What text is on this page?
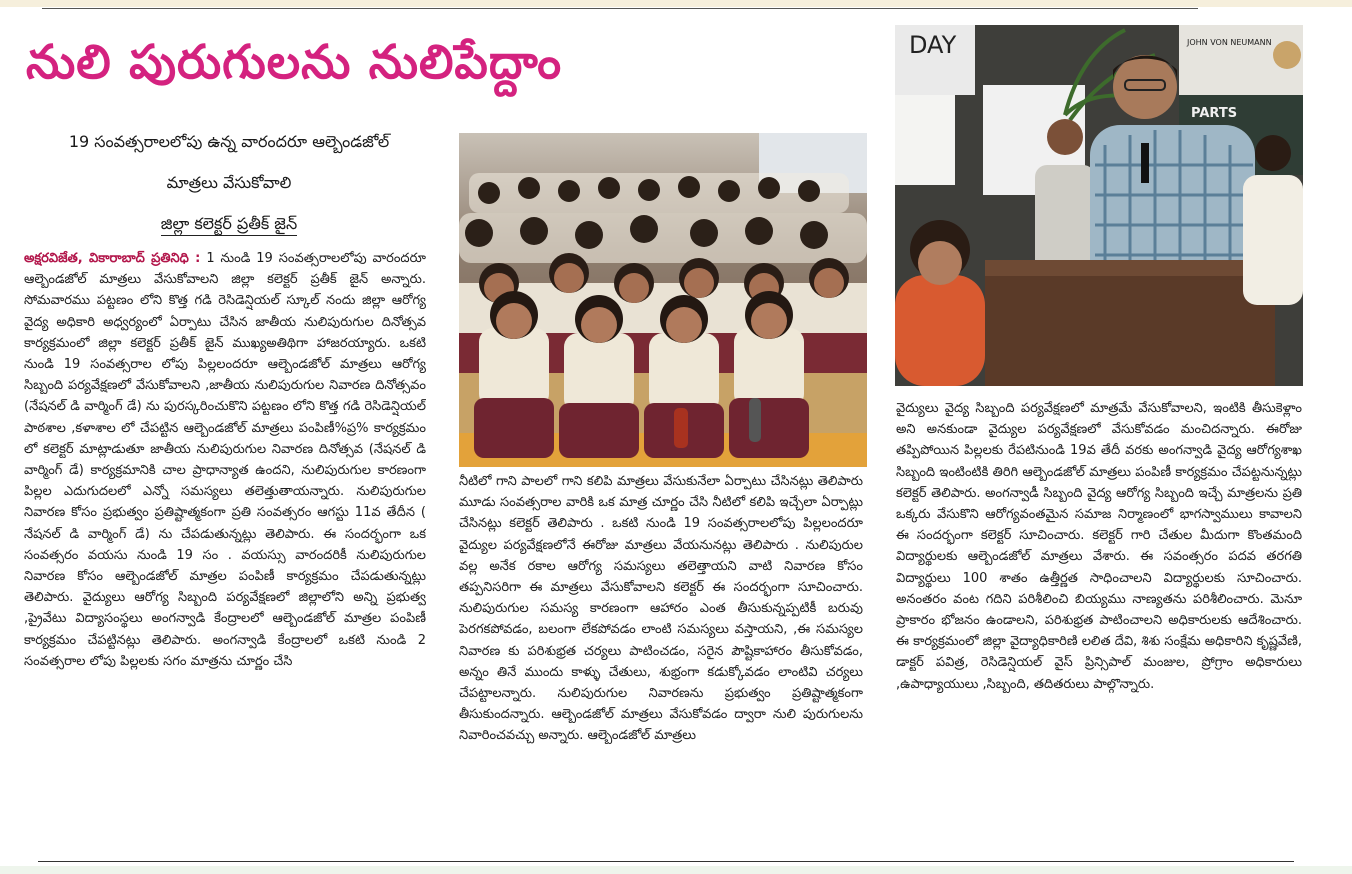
నులి పురుగులను నులిపేద్దాం
19 సంవత్సరాలలోపు ఉన్న వారందరూ ఆల్బెండజోల్
మాత్రలు వేసుకోవాలి
జిల్లా కలెక్టర్ ప్రతీక్ జైన్
అక్షరవిజేత, వికారాబాద్ ప్రతినిధి : 1 నుండి 19 సంవత్సరాలలోపు వారందరూ ఆల్బెండజోల్ మాత్రలు వేసుకోవాలని జిల్లా కలెక్టర్ ప్రతీక్ జైన్ అన్నారు. సోమవారము పట్టణం లోని కొత్త గడి రెసిడెన్షియల్ స్కూల్ నందు జిల్లా ఆరోగ్య వైద్య అధికారి అధ్వర్యంలో ఏర్పాటు చేసిన జాతీయ నులిపురుగుల దినోత్సవ కార్యక్రమంలో జిల్లా కలెక్టర్ ప్రతీక్ జైన్ ముఖ్యఅతిథిగా హాజరయ్యారు. ఒకటి నుండి 19 సంవత్సరాల లోపు పిల్లలందరూ ఆల్బెండజోల్ మాత్రలు ఆరోగ్య సిబ్బంది పర్యవేక్షణలో వేసుకోవాలని ,జాతీయ నులిపురుగుల నివారణ దినోత్సవం (నేషనల్ డి వార్మింగ్ డే) ను పురస్కరించుకొని పట్టణం లోని కొత్త గడి రెసిడెన్షియల్ పాఠశాల ,కళాశాల లో చేపట్టిన ఆల్బెండజోల్ మాత్రలు పంపిణీ%ప్ర% కార్యక్రమం లో కలెక్టర్ మాట్లాడుతూ జాతీయ నులిపురుగుల నివారణ దినోత్సవ (నేషనల్ డి వార్మింగ్ డే) కార్యక్రమానికి చాల ప్రాధాన్యాత ఉందని, నులిపురుగుల కారణంగా పిల్లల ఎదుగుదలలో ఎన్నో సమస్యలు తలెత్తుతాయన్నారు. నులిపురుగుల నివారణ కోసం ప్రభుత్వం ప్రతిష్టాత్మకంగా ప్రతి సంవత్సరం ఆగస్టు 11వ తేదీన ( నేషనల్ డి వార్మింగ్ డే) ను చేపడుతున్నట్లు తెలిపారు. ఈ సందర్భంగా ఒక సంవత్సరం వయసు నుండి 19 సం . వయస్సు వారందరికీ నులిపురుగుల నివారణ కోసం ఆల్బెండజోల్ మాత్రల పంపిణీ కార్యక్రమం చేపడుతున్నట్లు తెలిపారు. వైద్యులు ఆరోగ్య సిబ్బంది పర్యవేక్షణలో జిల్లాలోని అన్ని ప్రభుత్వ ,ప్రైవేటు విద్యాసంస్థలు అంగన్వాడి కేంద్రాలలో ఆల్బెండజోల్ మాత్రల పంపిణీ కార్యక్రమం చేపట్టినట్లు తెలిపారు. అంగన్వాడి కేంద్రాలలో ఒకటి నుండి 2 సంవత్సరాల లోపు పిల్లలకు సగం మాత్రను చూర్ణం చేసి
నీటిలో గాని పాలలో గాని కలిపి మాత్రలు వేసుకునేలా ఏర్పాటు చేసినట్లు తెలిపారు మూడు సంవత్సరాల వారికి ఒక మాత్ర చూర్ణం చేసి నీటిలో కలిపి ఇచ్చేలా ఏర్పాట్లు చేసినట్లు కలెక్టర్ తెలిపారు . ఒకటి నుండి 19 సంవత్సరాలలోపు పిల్లలందరూ వైద్యుల పర్యవేక్షణలోనే ఈరోజు మాత్రలు వేయనునట్లు తెలిపారు . నులిపురుల వల్ల అనేక రకాల ఆరోగ్య సమస్యలు తలెత్తాయని వాటి నివారణ కోసం తప్పనిసరిగా ఈ మాత్రలు వేసుకోవాలని కలెక్టర్ ఈ సందర్భంగా సూచించారు. నులిపురుగుల సమస్య కారణంగా ఆహారం ఎంత తీసుకున్నప్పటికీ బరువు పెరగకపోవడం, బలంగా లేకపోవడం లాంటి సమస్యలు వస్తాయని, ,ఈ సమస్యల నివారణ కు పరిశుభ్రత చర్యలు పాటించడం, సరైన పౌష్టికాహారం తీసుకోవడం, అన్నం తినే ముందు కాళ్ళు చేతులు, శుభ్రంగా కడుక్కోవడం లాంటివి చర్యలు చేపట్టాలన్నారు. నులిపురుగుల నివారణను ప్రభుత్వం ప్రతిష్టాత్మకంగా తీసుకుందన్నారు. ఆల్బెండజోల్ మాత్రలు వేసుకోవడం ద్వారా నులి పురుగులను నివారించవచ్చు అన్నారు. ఆల్బెండజోల్ మాత్రలు
DAY	JOHN VON NEUMANN
PARTS
వైద్యులు వైద్య సిబ్బంది పర్యవేక్షణలో మాత్రమే వేసుకోవాలని, ఇంటికి తీసుకెళ్లాం అని అనకుండా వైద్యుల పర్యవేక్షణలో వేసుకోవడం మంచిదన్నారు. ఈరోజు తప్పిపోయిన పిల్లలకు రేపటినుండి 19వ తేదీ వరకు అంగన్వాడి వైద్య ఆరోగ్యశాఖ సిబ్బంది ఇంటింటికి తిరిగి ఆల్బెండజోల్ మాత్రలు పంపిణీ కార్యక్రమం చేపట్టనున్నట్లు కలెక్టర్ తెలిపారు. అంగన్వాడీ సిబ్బంది వైద్య ఆరోగ్య సిబ్బంది ఇచ్చే మాత్రలను ప్రతి ఒక్కరు వేసుకొని ఆరోగ్యవంతమైన సమాజ నిర్మాణంలో భాగస్వాములు కావాలని ఈ సందర్భంగా కలెక్టర్ సూచించారు. కలెక్టర్ గారి చేతుల మీదుగా కొంతమంది విద్యార్థులకు ఆల్బెండజోల్ మాత్రలు వేశారు. ఈ సవంత్సరం పదవ తరగతి విద్యార్థులు 100 శాతం ఉత్తీర్ణత సాధించాలని విద్యార్థులకు సూచించారు. అనంతరం వంట గదిని పరిశీలించి బియ్యము నాణ్యతను పరిశీలించారు. మెనూ ప్రాకారం భోజనం ఉండాలని, పరిశుభ్రత పాటించాలని అధికారులకు ఆదేశించారు. ఈ కార్యక్రమంలో జిల్లా వైద్యాధికారిణి లలిత దేవి, శిశు సంక్షేమ అధికారిని కృష్ణవేణి, డాక్టర్ పవిత్ర, రెసిడెన్షియల్ వైస్ ప్రిన్సిపాల్ మంజుల, ప్రోగ్రాం అధికారులు ,ఉపాధ్యాయులు ,సిబ్బంది, తదితరులు పాల్గొన్నారు.
